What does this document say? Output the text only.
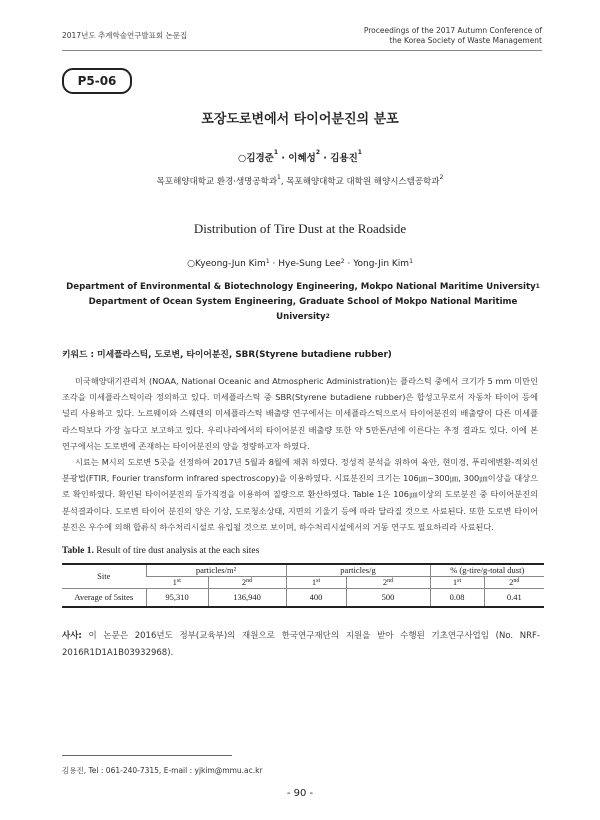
2017년도 추계학술연구발표회 논문집
Proceedings of the 2017 Autumn Conference of
the Korea Society of Waste Management
P5-06
포장도로변에서 타이어분진의 분포
○김경준$^1$ · 이혜성$^2$ · 김용진$^1$
목포해양대학교 환경·생명공학과$^1$, 목포해양대학교 대학원 해양시스템공학과$^2$
Distribution of Tire Dust at the Roadside
○Kyeong-Jun Kim$^1$ · Hye-Sung Lee$^2$ · Yong-Jin Kim$^1$
Department of Environmental & Biotechnology Engineering, Mokpo National Maritime University$^1$
Department of Ocean System Engineering, Graduate School of Mokpo National Maritime University$^2$
키워드 : 미세플라스틱, 도로변, 타이어분진, SBR(Styrene butadiene rubber)

미국해양대기관리처 (NOAA, National Oceanic and Atmospheric Administration)는 플라스틱 중에서 크기가 5 mm 미만인 조각을 미세플라스틱이라 정의하고 있다. 미세플라스틱 중 SBR(Styrene butadiene rubber)은 합성고무로서 자동차 타이어 등에 널리 사용하고 있다. 노르웨이와 스웨덴의 미세플라스틱 배출량 연구에서는 미세플라스틱으로서 타이어분진의 배출량이 다른 미세플라스틱보다 가장 높다고 보고하고 있다. 우리나라에서의 타이어분진 배출량 또한 약 5만톤/년에 이른다는 추정 결과도 있다. 이에 본 연구에서는 도로변에 존재하는 타이어분진의 양을 정량하고자 하였다.

시료는 M시의 도로변 5곳을 선정하여 2017년 5월과 8월에 채취 하였다. 정성적 분석을 위하여 육안, 현미경, 푸리에변환-적외선분광법(FTIR, Fourier transform infrared spectroscopy)을 이용하였다. 시료분진의 크기는 106㎛~300㎛, 300㎛이상을 대상으로 확인하였다. 확인된 타이어분진의 등가직경을 이용하여 질량으로 환산하였다. Table 1은 106㎛이상의 도로분진 중 타이어분진의 분석결과이다. 도로변 타이어 분진의 양은 기상, 도로청소상태, 지면의 기울기 등에 따라 달라질 것으로 사료된다. 또한 도로변 타이어분진은 우수에 의해 합류식 하수처리시설로 유입될 것으로 보이며, 하수처리시설에서의 거동 연구도 필요하리라 사료된다.

Table 1. Result of tire dust analysis at the each sites
Site	particles/m²		particles/g		% (g-tire/g-total dust)	
	1st	2nd	1st	2nd	1st	2nd
Average of 5sites	95,310	136,940	400	500	0.08	0.41
사사: 이 논문은 2016년도 정부(교육부)의 재원으로 한국연구재단의 지원을 받아 수행된 기초연구사업임 (No. NRF-2016R1D1A1B03932968).
김용진, Tel : 061-240-7315, E-mail : yjkim@mmu.ac.kr
- 90 -
